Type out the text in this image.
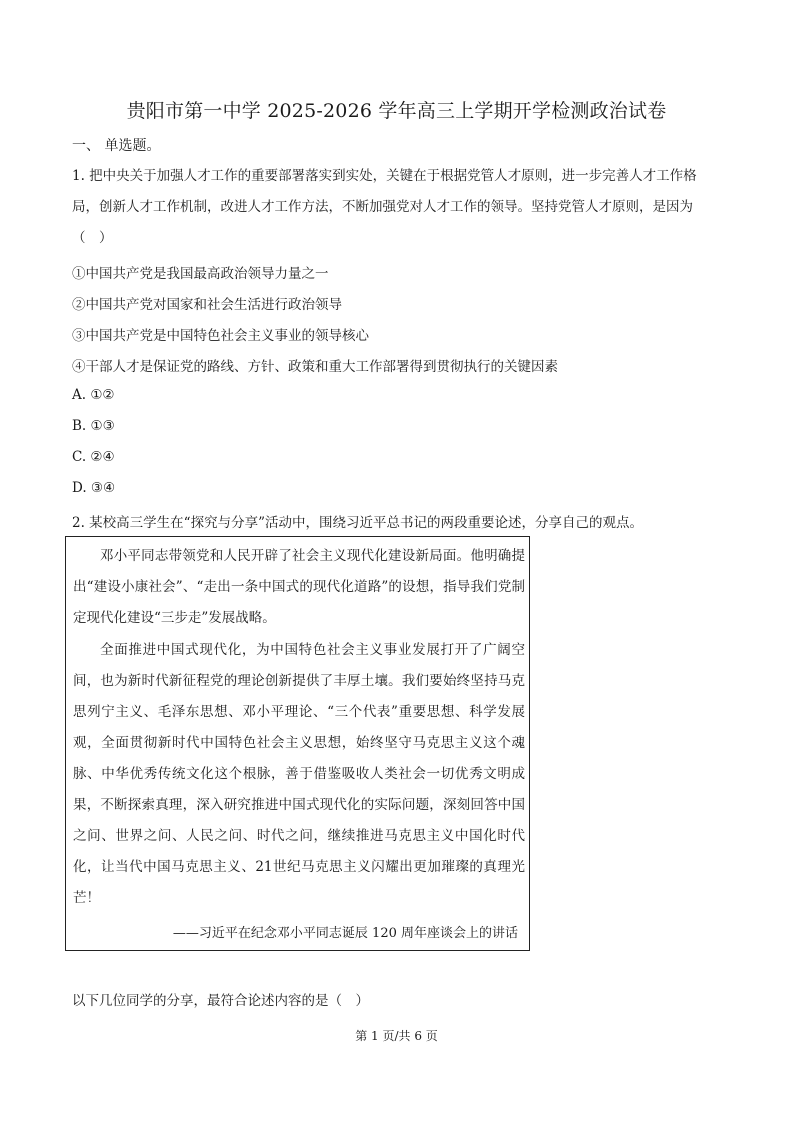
贵阳市第一中学 2025-2026 学年高三上学期开学检测政治试卷
一、 单选题。
1. 把中央关于加强人才工作的重要部署落实到实处，关键在于根据党管人才原则，进一步完善人才工作格局，创新人才工作机制，改进人才工作方法，不断加强党对人才工作的领导。坚持党管人才原则，是因为（　）
①中国共产党是我国最高政治领导力量之一
②中国共产党对国家和社会生活进行政治领导
③中国共产党是中国特色社会主义事业的领导核心
④干部人才是保证党的路线、方针、政策和重大工作部署得到贯彻执行的关键因素
A. ①②
B. ①③
C. ②④
D. ③④
2. 某校高三学生在“探究与分享”活动中，围绕习近平总书记的两段重要论述，分享自己的观点。
邓小平同志带领党和人民开辟了社会主义现代化建设新局面。他明确提出“建设小康社会”、“走出一条中国式的现代化道路”的设想，指导我们党制定现代化建设“三步走”发展战略。
全面推进中国式现代化，为中国特色社会主义事业发展打开了广阔空间，也为新时代新征程党的理论创新提供了丰厚土壤。我们要始终坚持马克思列宁主义、毛泽东思想、邓小平理论、“三个代表”重要思想、科学发展观，全面贯彻新时代中国特色社会主义思想，始终坚守马克思主义这个魂脉、中华优秀传统文化这个根脉，善于借鉴吸收人类社会一切优秀文明成果，不断探索真理，深入研究推进中国式现代化的实际问题，深刻回答中国之问、世界之问、人民之问、时代之问，继续推进马克思主义中国化时代化，让当代中国马克思主义、21世纪马克思主义闪耀出更加璀璨的真理光芒！
——习近平在纪念邓小平同志诞辰 120 周年座谈会上的讲话
以下几位同学的分享，最符合论述内容的是（　）
第 1 页/共 6 页
